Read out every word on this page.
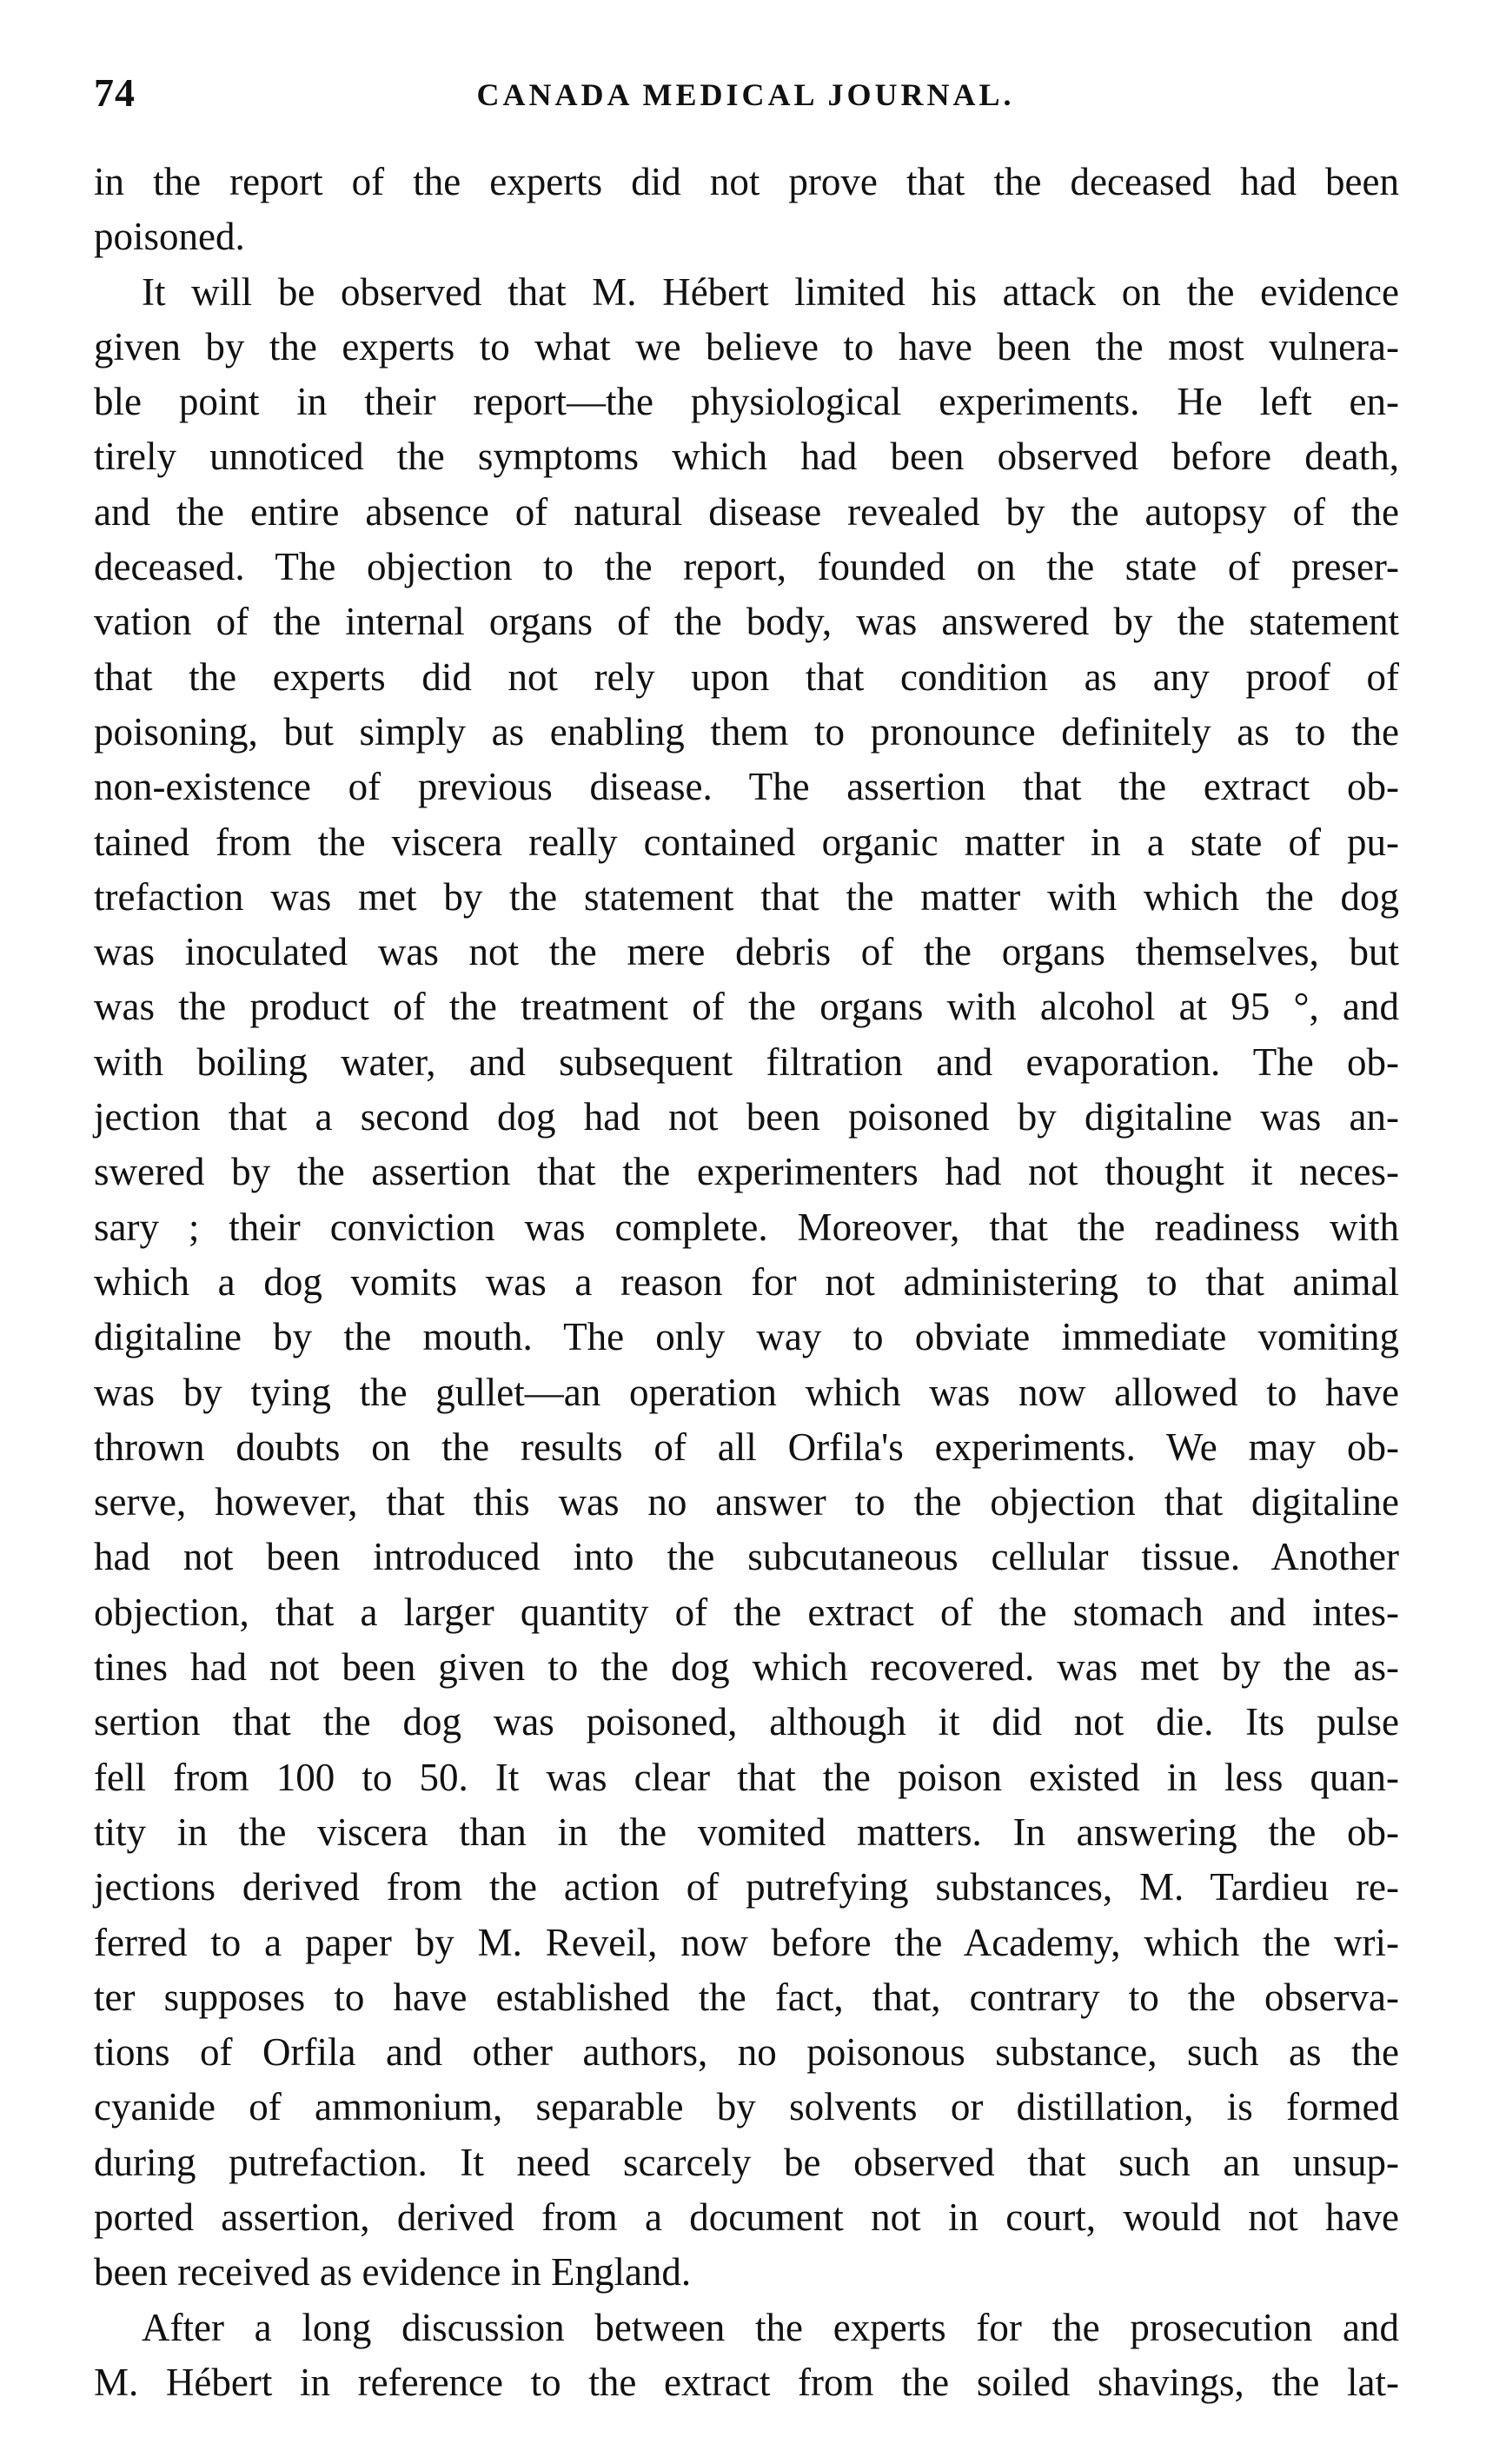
74	CANADA MEDICAL JOURNAL.
in the report of the experts did not prove that the deceased had been
poisoned.
It will be observed that M. Hébert limited his attack on the evidence
given by the experts to what we believe to have been the most vulnera-
ble point in their report—the physiological experiments. He left en-
tirely unnoticed the symptoms which had been observed before death,
and the entire absence of natural disease revealed by the autopsy of the
deceased. The objection to the report, founded on the state of preser-
vation of the internal organs of the body, was answered by the statement
that the experts did not rely upon that condition as any proof of
poisoning, but simply as enabling them to pronounce definitely as to the
non-existence of previous disease. The assertion that the extract ob-
tained from the viscera really contained organic matter in a state of pu-
trefaction was met by the statement that the matter with which the dog
was inoculated was not the mere debris of the organs themselves, but
was the product of the treatment of the organs with alcohol at 95 °, and
with boiling water, and subsequent filtration and evaporation. The ob-
jection that a second dog had not been poisoned by digitaline was an-
swered by the assertion that the experimenters had not thought it neces-
sary ; their conviction was complete. Moreover, that the readiness with
which a dog vomits was a reason for not administering to that animal
digitaline by the mouth. The only way to obviate immediate vomiting
was by tying the gullet—an operation which was now allowed to have
thrown doubts on the results of all Orfila's experiments. We may ob-
serve, however, that this was no answer to the objection that digitaline
had not been introduced into the subcutaneous cellular tissue. Another
objection, that a larger quantity of the extract of the stomach and intes-
tines had not been given to the dog which recovered. was met by the as-
sertion that the dog was poisoned, although it did not die. Its pulse
fell from 100 to 50. It was clear that the poison existed in less quan-
tity in the viscera than in the vomited matters. In answering the ob-
jections derived from the action of putrefying substances, M. Tardieu re-
ferred to a paper by M. Reveil, now before the Academy, which the wri-
ter supposes to have established the fact, that, contrary to the observa-
tions of Orfila and other authors, no poisonous substance, such as the
cyanide of ammonium, separable by solvents or distillation, is formed
during putrefaction. It need scarcely be observed that such an unsup-
ported assertion, derived from a document not in court, would not have
been received as evidence in England.
After a long discussion between the experts for the prosecution and
M. Hébert in reference to the extract from the soiled shavings, the lat-
